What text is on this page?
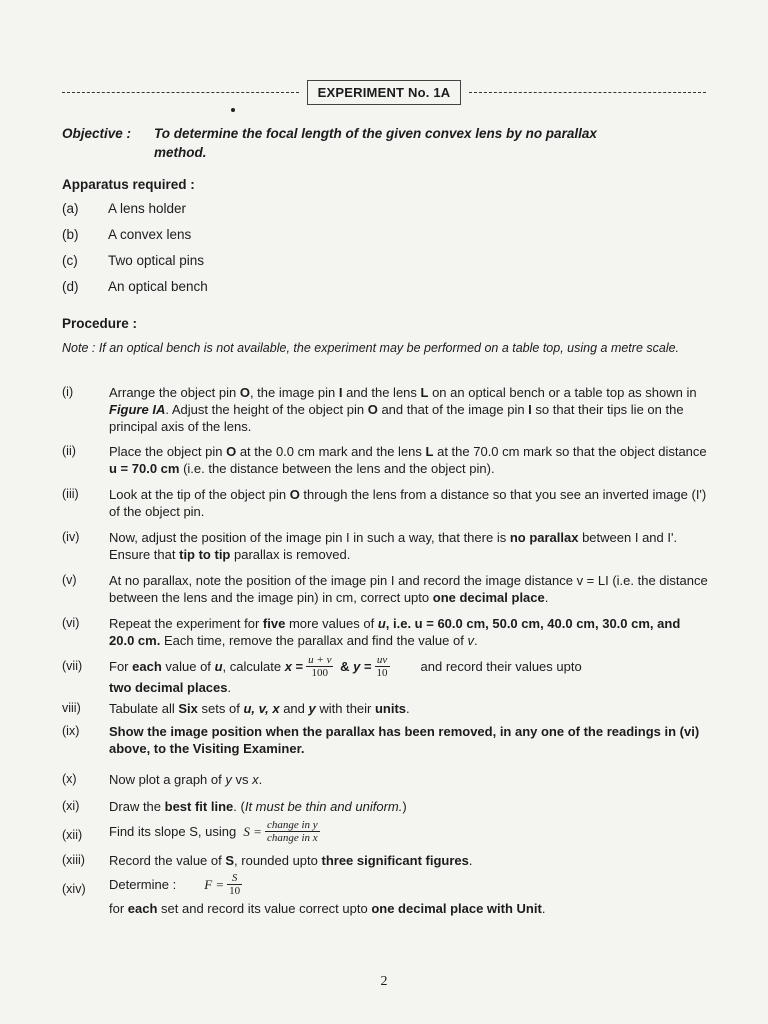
EXPERIMENT No. 1A
Objective : To determine the focal length of the given convex lens by no parallax
method.
Apparatus required :
(a)	A lens holder
(b)	A convex lens
(c)	Two optical pins
(d)	An optical bench
Procedure :
Note : If an optical bench is not available, the experiment may be performed on a table top, using a metre scale.
(i)	Arrange the object pin O, the image pin I and the lens L on an optical bench or a table top as shown in Figure IA. Adjust the height of the object pin O and that of the image pin I so that their tips lie on the principal axis of the lens.
(ii)	Place the object pin O at the 0.0 cm mark and the lens L at the 70.0 cm mark so that the object distance u = 70.0 cm (i.e. the distance between the lens and the object pin).
(iii)	Look at the tip of the object pin O through the lens from a distance so that you see an inverted image (I') of the object pin.
(iv)	Now, adjust the position of the image pin I in such a way, that there is no parallax between I and I'. Ensure that tip to tip parallax is removed.
(v)	At no parallax, note the position of the image pin I and record the image distance v = LI (i.e. the distance between the lens and the image pin) in cm, correct upto one decimal place.
(vi)	Repeat the experiment for five more values of u, i.e. u = 60.0 cm, 50.0 cm, 40.0 cm, 30.0 cm, and 20.0 cm. Each time, remove the parallax and find the value of v.
(vii)	For
each
value of
u , calculate
x
= $\frac{u + v}{100}$
&
y
= $\frac{uv}{10}$ and record their values upto
two decimal places.
viii)	Tabulate all Six sets of u, v, x and y with their units.
(ix)	Show the image position when the parallax has been removed, in any one of the readings in (vi) above, to the Visiting Examiner.
(x)	Now plot a graph of y vs x.
(xi)	Draw the best fit line. (It must be thin and uniform.)
(xii)	Find its slope S, using
$S = \frac{\text{change in y}}{\text{change in x}}$
(xiii)	Record the value of S, rounded upto three significant figures.
(xiv)	Determine : $F = \frac{S}{10}$
for each set and record its value correct upto one decimal place with Unit.
2
